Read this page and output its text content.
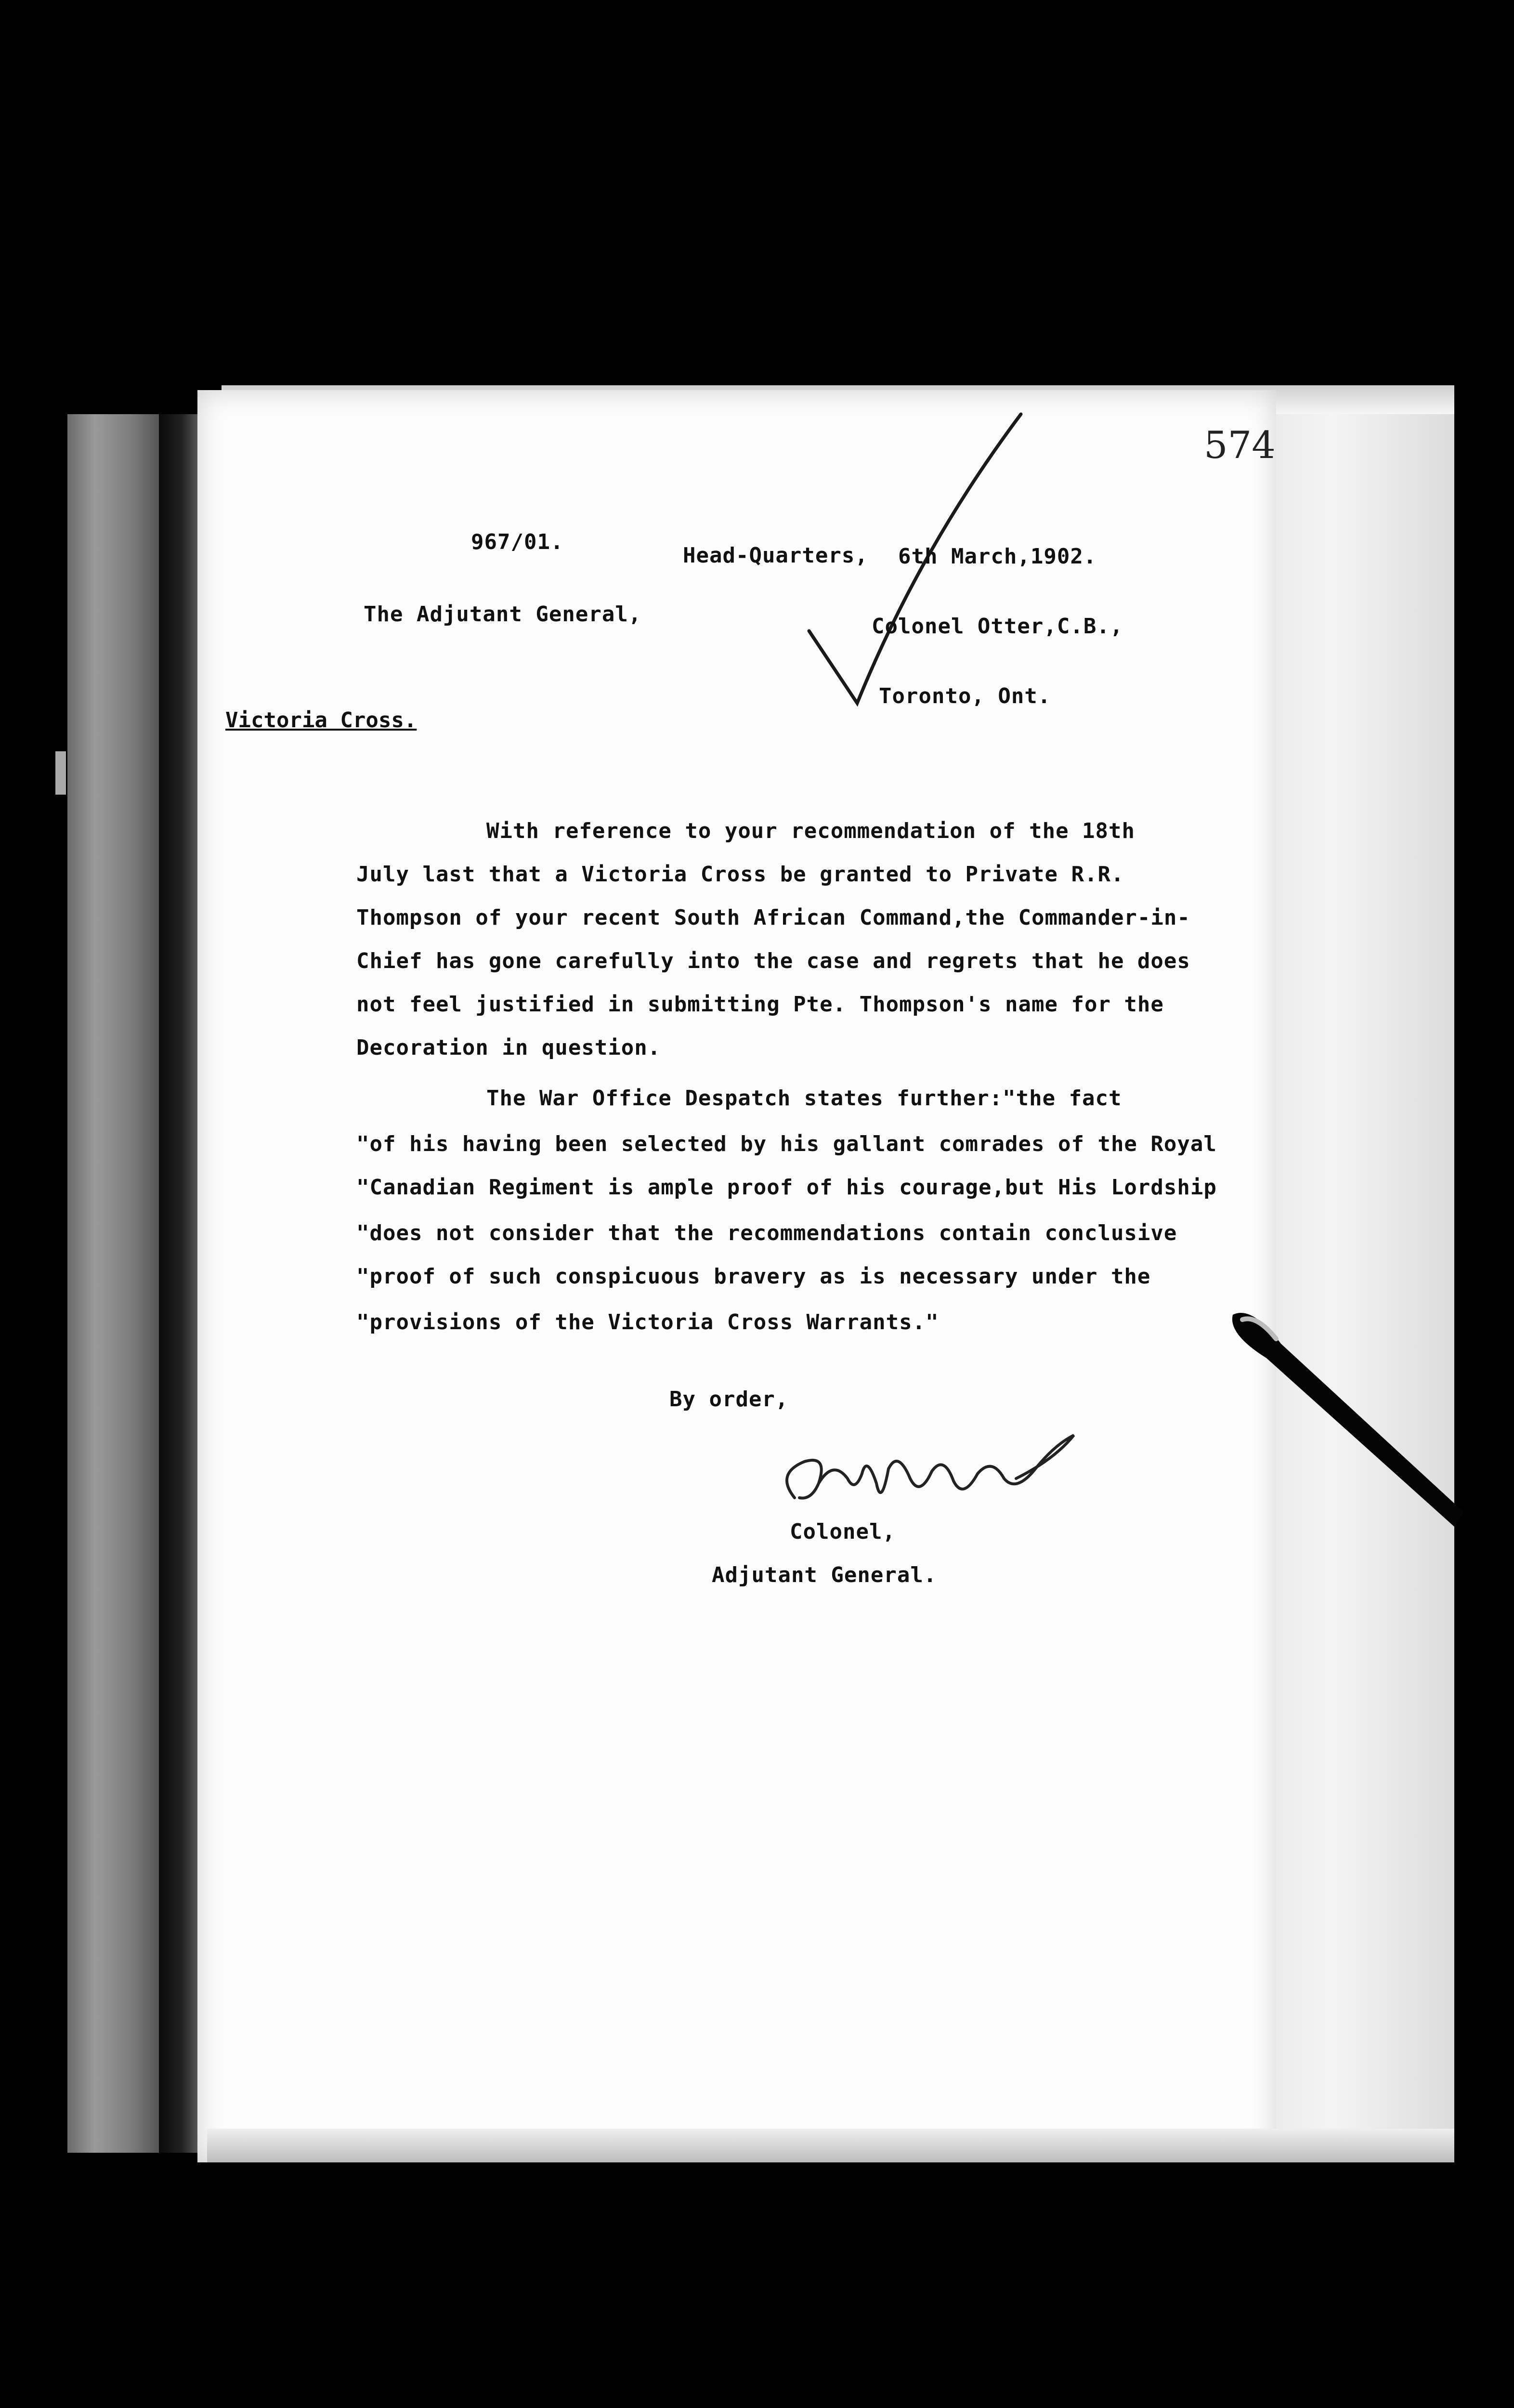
574
967/01.
Head-Quarters, 6th March,1902.
The Adjutant General,	Colonel Otter,C.B.,
Toronto, Ont.
Victoria Cross.
With reference to your recommendation of the 18th
July last that a Victoria Cross be granted to Private R.R.
Thompson of your recent South African Command,the Commander-in-
Chief has gone carefully into the case and regrets that he does
not feel justified in submitting Pte. Thompson's name for the
Decoration in question.
The War Office Despatch states further:"the fact
"of his having been selected by his gallant comrades of the Royal
"Canadian Regiment is ample proof of his courage,but His Lordship
"does not consider that the recommendations contain conclusive
"proof of such conspicuous bravery as is necessary under the
"provisions of the Victoria Cross Warrants."
By order,
Colonel,
Adjutant General.
